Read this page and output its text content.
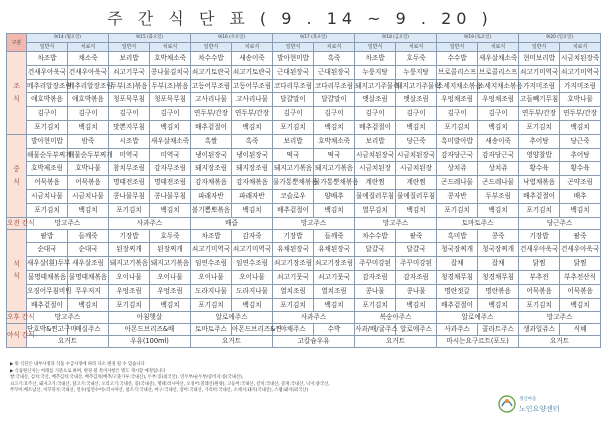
주 간 식 단 표 ( 9 . 14 ~ 9 . 20 )
구분	9/14 (월요일)		9/15 (화요일)		9/16 (수요일)		9/17 (목요일)		9/18 (금요일)		9/19 (토요일)		9/20 (일요일)	
	일반식	치료식	일반식	치료식	일반식	치료식	일반식	치료식	일반식	치료식	일반식	치료식	일반식	치료식

조
식	차조밥	채소죽	보리밥	호박채소죽	차수수밥	새송이죽	발아현미밥	흑죽	차조밥	호두죽	수수밥	새우살채소죽	현미보리밥	시금치된장죽
	건새우아욱국	건새우아욱국	쇠고기무국	콩나물김치국	쇠고기토란국	쇠고기토란국	근대된장국	근대된장국	누룽지탕	누룽지탕	브로콜리스프	브로콜리스프	쇠고기미역국	쇠고기미역국
	메추리알장조림	메추리알장조림	두부(조)볶음	두부(조)볶음	고등어무조림	고등어무조림	코다리무조림	코다리무조림	돼지고기주물럭	돼지고기주물럭	소세지채소볶음	소세지채소볶음	가지미조림	가지미조림
	애호박볶음	애호박볶음	청포묵무침	청포묵무침	고사리나물	고사리나물	달걀말이	달걀말이	앳살조림	앳살조림	우엉채조림	우엉채조림	고들빼기무침	호박나물
	김구이	김구이	김구이	김구이	연두부/간장	연두부/간장	김구이	김구이	김구이	김구이	김구이	김구이	연두부/간장	연두부/간장
	포기김치	백김치	맛뽄지무침	백김치	배추겉절이	백김치	포기김치	백김치	배추겉절이	백김치	포기김치	백김치	포기김치	백김치

중
식	발아현미밥	밤죽	시조밥	새우살채소죽	흑쌀	흑죽	보리밥	호박채소죽	보리밥	당근죽	흑미발아밥	새송이죽	추어탕	당근죽
	해물순두부찌개	해물순두부찌개	미역국	미역국	냉이된장국	냉이된장국	떡국	떡국	시금치된장국	시금치된장국	감자당근국	감자당근국	영양찰밥	추어탕
	호박제조림	호박나물	참치무조림	감자무조림	돼지장조림	돼지장조림	돼지고기볶음	돼지고기볶음	시금치된장	시금치된장	상치쥬	상치쥬	황수육	황수육
	어묵볶음	어묵볶음	명태전조림	명태전조림	감자채볶음	감자채볶음	물가통뿐채볶음	물가통뿐채볶음	계란찜	계란찜	곤드레나물	곤드레나물	낙엽채볶음	곤약조림
	시금치나물	시금치나물	콩나물무침	콩나물무침	파래자반	파래자반	코슬로우	양배추	물에질러무침	물에질러무침	콩자반	두부조림	배추겉절이	배추
	포기김치	백김치	포기김치	백김치	볼기뽐뽀볶음	백김치	배추겉절이	백김치	열무김치	백김치	포기김치	백김치	포기김치	백김치
오전 간식	망고주스		사과주스		배즙		망고주스		망고주스		토마토주스		당근주스	

석
식	팥밥	들깨죽	기장밥	호두죽	차조밥	감자죽	기장밥	들깨죽	차수수밥	팥죽	흑미밥	콩죽	기장밥	팥죽
	순대국	순대국	된장찌개	된장찌개	쇠고기미역국	쇠고기미역국	유채된장국	유채된장국	달걀국	달걀국	청국장찌개	청국장찌개	건새우아욱국	건새우아욱국
	새우살(흰)두부	새우살조림	돼지고기볶음	돼지고기볶음	임연수조림	임연수조림	쇠고기장조림	쇠고기장조림	주꾸미강된	주꾸미강된	잡채	잡채	닭찜	닭찜
	물명태채볶음	물명태채볶음	오이나물	오이나물	오이나물	오이나물	쇠고기뭇국	쇠고기뭇국	감자조림	감자조림	청경채무침	청경채무침	부추전	부추전산식
	오징어무침비빔	무우저지	우엉조림	우엉조림	도라지나물	도라지나물	열치조림	열치조림	콩나물	콩나물	명란젓갈	명란볶음	어묵볶음	어묵볶음
	배추겉절이	백김치	포기김치	백김치	포기김치	백김치	포기김치	백김치	포기김치	백김치	배추겉절이	백김치	포기김치	백김치
오후 간식	망고주스		아침햇살		알로에주스		사과주스		복숭아주스		알로에주스		망고주스	
야식 간식	단호박&찐고구마	매실주스	아몬드브리즈&배		토마토주스	아몬드브리즈&찐	야채주스	수박	사과/배/귤주스	알로에주스	사과주스	콜라트주스	생과일쥬스	식혜
	요거트		우유(100ml)		요거트		고칼슘우유		요거트		마시는요구르트(포도)		요거트	
▶ 위 식단은 내부사정과 식품 수급사정에 따라 다소 변경 될 수 있습니다
▶ 식품원산지는 아래를 기준으로 하며, 변경 될 특이사항은 별도 게시할 예정입니다
쌀:국내산, 김치:국산, 배추김치:국내산, 배추김치(배추/고춧가루:국내산), 두부:콩(외국산), 연두부/순두부/콩비지:콩(국내산),
쇠고기:호주산, 돼지고기:국내산, 닭고기:국내산, 오리고기:국내산, 콩(국내산), 명태:러시아산, 오징어:칠레산(원양), 고등어:국내산, 갈치:국내산, 꽃게:국내산, 낙지:중국산,
쭈꾸미:베트남산, 미꾸라지:국내산, 연수(임연수어):러시아산, 참조기:국내산, 아구:국내산, 장어:국내산, 가리비:국내산, 소세지:돼지(국내산), 스팸:돼지(외국산)
생산마을
노인요양센터
